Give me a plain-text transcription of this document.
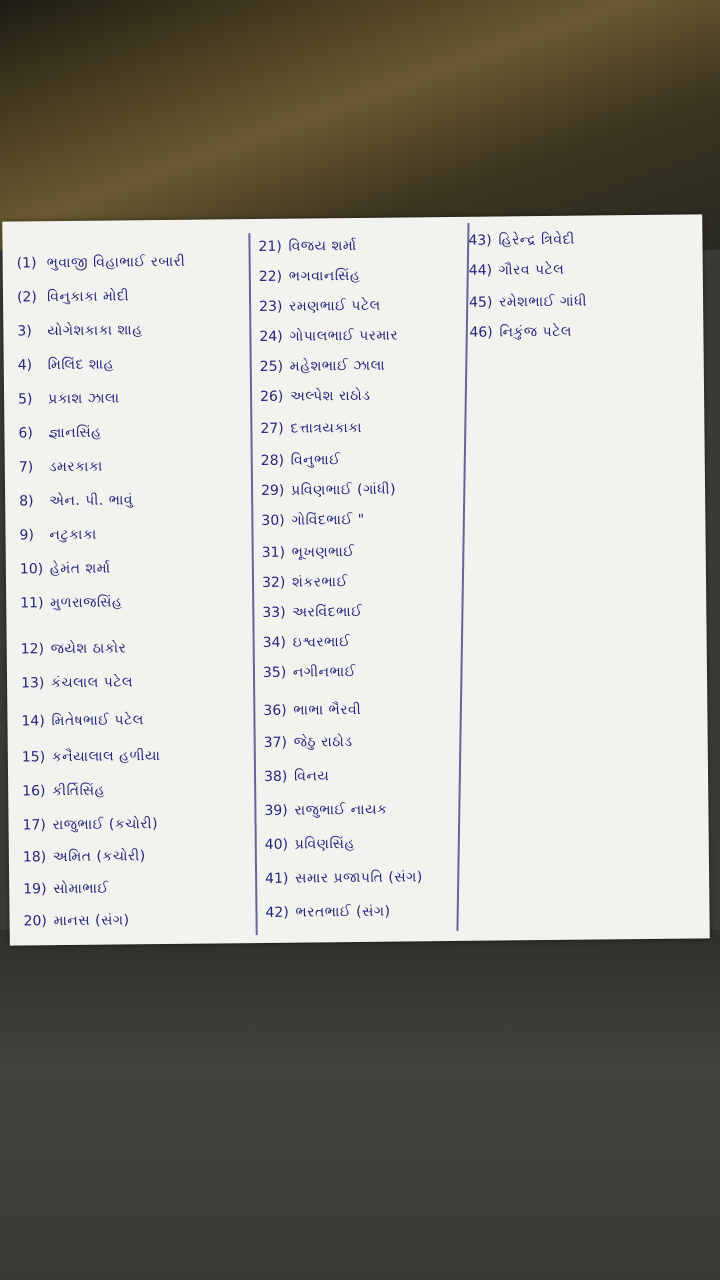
(1) ભુવાજી વિહાભાઈ રબારી
(2) વિનુકાકા મોદી
3) યોગેશકાકા શાહ
4) મિલિંદ શાહ
5) પ્રકાશ ઝાલા
6) જ્ઞાનસિંહ
7) ડમરકાકા
8) એન. પી. ભાવું
9) નટુકાકા
10) હેમંત શર્મા
11) મુળરાજસિંહ
12) જયેશ ઠાકોર
13) કંચલાલ પટેલ
14) મિતેષભાઈ પટેલ
15) કનૈયાલાલ હળીયા
16) કીર્તિસિંહ
17) રાજુભાઈ (કચોરી)
18) અમિત (કચોરી)
19) સોમાભાઈ
20) માનસ (સંગ)
21) વિજય શર્મા
22) ભગવાનસિંહ
23) રમણભાઈ પટેલ
24) ગોપાલભાઈ પરમાર
25) મહેશભાઈ ઝાલા
26) અલ્પેશ રાઠોડ
27) દત્તાત્રયકાકા
28) વિનુભાઈ
29) પ્રવિણભાઈ (ગાંધી)
30) ગોવિંદભાઈ "
31) ભૂખણભાઈ
32) શંકરભાઈ
33) અરવિંદભાઈ
34) ઇશ્વરભાઈ
35) નગીનભાઈ
36) ભાભા ભૈરવી
37) જેઠુ રાઠોડ
38) વિનય
39) રાજુભાઈ નાયક
40) પ્રવિણસિંહ
41) સમાર પ્રજાપતિ (સંગ)
42) ભરતભાઈ (સંગ)
43) હિરેન્દ્ર ત્રિવેદી
44) ગૌરવ પટેલ
45) રમેશભાઈ ગાંધી
46) નિકુંજ પટેલ
